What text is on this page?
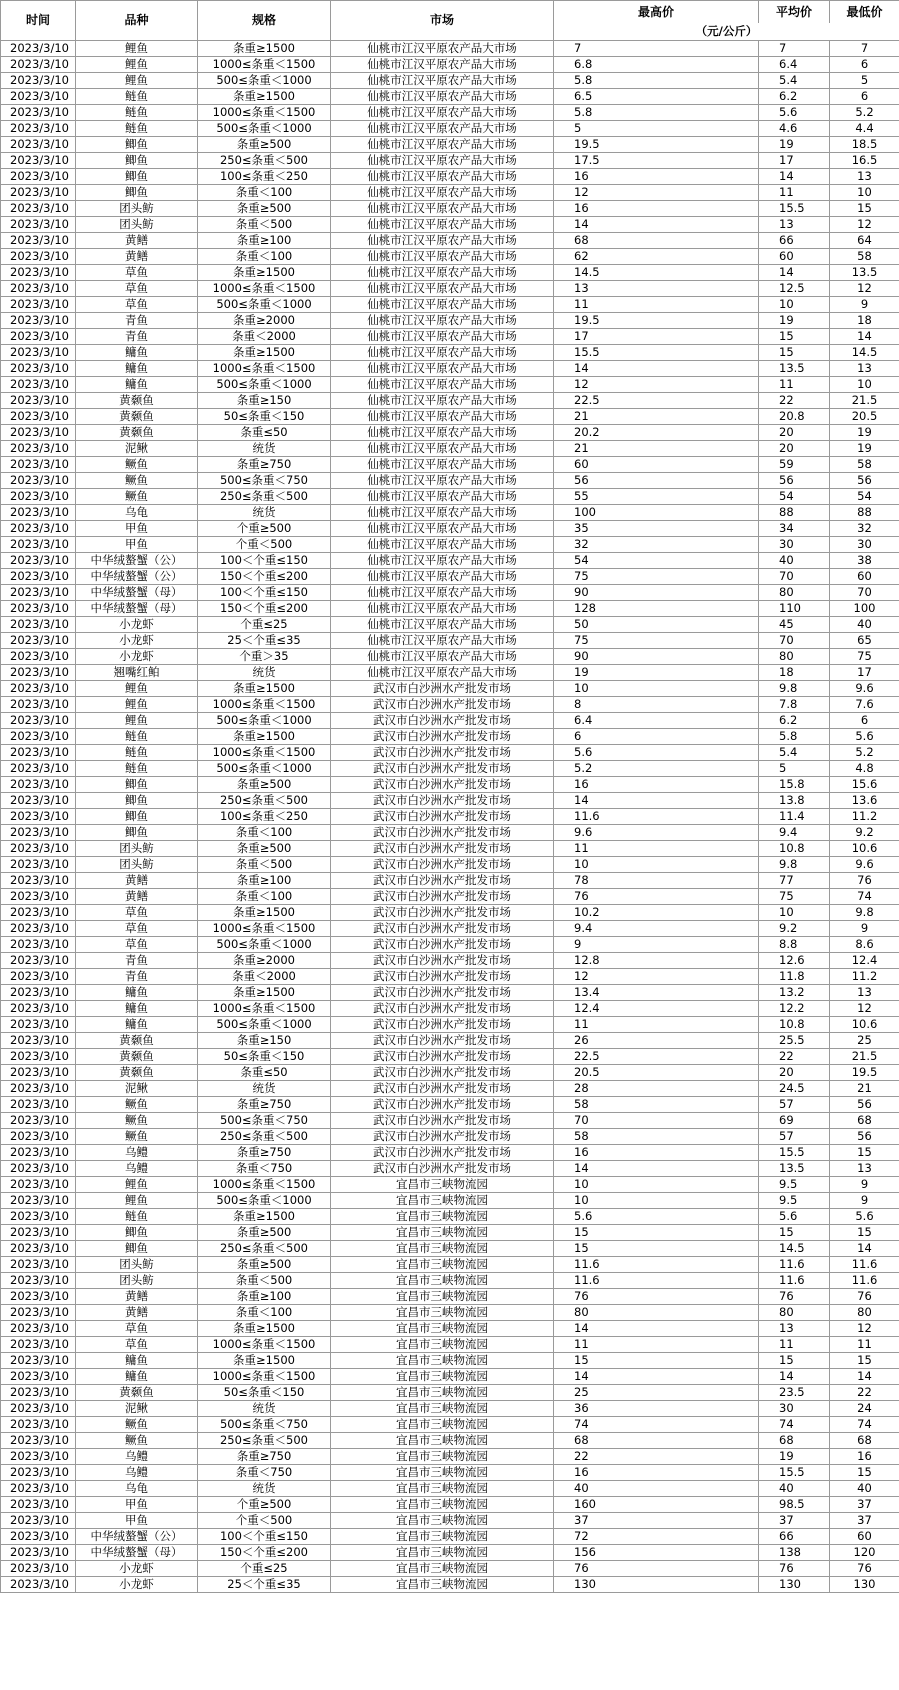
时间	品种	规格	市场	最高价	平均价	最低价
				（元/公斤）		
2023/3/10	鲤鱼	条重≥1500	仙桃市江汉平原农产品大市场	7	7	7
2023/3/10	鲤鱼	1000≤条重＜1500	仙桃市江汉平原农产品大市场	6.8	6.4	6
2023/3/10	鲤鱼	500≤条重＜1000	仙桃市江汉平原农产品大市场	5.8	5.4	5
2023/3/10	鲢鱼	条重≥1500	仙桃市江汉平原农产品大市场	6.5	6.2	6
2023/3/10	鲢鱼	1000≤条重＜1500	仙桃市江汉平原农产品大市场	5.8	5.6	5.2
2023/3/10	鲢鱼	500≤条重＜1000	仙桃市江汉平原农产品大市场	5	4.6	4.4
2023/3/10	鲫鱼	条重≥500	仙桃市江汉平原农产品大市场	19.5	19	18.5
2023/3/10	鲫鱼	250≤条重＜500	仙桃市江汉平原农产品大市场	17.5	17	16.5
2023/3/10	鲫鱼	100≤条重＜250	仙桃市江汉平原农产品大市场	16	14	13
2023/3/10	鲫鱼	条重＜100	仙桃市江汉平原农产品大市场	12	11	10
2023/3/10	团头鲂	条重≥500	仙桃市江汉平原农产品大市场	16	15.5	15
2023/3/10	团头鲂	条重＜500	仙桃市江汉平原农产品大市场	14	13	12
2023/3/10	黄鳝	条重≥100	仙桃市江汉平原农产品大市场	68	66	64
2023/3/10	黄鳝	条重＜100	仙桃市江汉平原农产品大市场	62	60	58
2023/3/10	草鱼	条重≥1500	仙桃市江汉平原农产品大市场	14.5	14	13.5
2023/3/10	草鱼	1000≤条重＜1500	仙桃市江汉平原农产品大市场	13	12.5	12
2023/3/10	草鱼	500≤条重＜1000	仙桃市江汉平原农产品大市场	11	10	9
2023/3/10	青鱼	条重≥2000	仙桃市江汉平原农产品大市场	19.5	19	18
2023/3/10	青鱼	条重＜2000	仙桃市江汉平原农产品大市场	17	15	14
2023/3/10	鳙鱼	条重≥1500	仙桃市江汉平原农产品大市场	15.5	15	14.5
2023/3/10	鳙鱼	1000≤条重＜1500	仙桃市江汉平原农产品大市场	14	13.5	13
2023/3/10	鳙鱼	500≤条重＜1000	仙桃市江汉平原农产品大市场	12	11	10
2023/3/10	黄颡鱼	条重≥150	仙桃市江汉平原农产品大市场	22.5	22	21.5
2023/3/10	黄颡鱼	50≤条重＜150	仙桃市江汉平原农产品大市场	21	20.8	20.5
2023/3/10	黄颡鱼	条重≤50	仙桃市江汉平原农产品大市场	20.2	20	19
2023/3/10	泥鳅	统货	仙桃市江汉平原农产品大市场	21	20	19
2023/3/10	鳜鱼	条重≥750	仙桃市江汉平原农产品大市场	60	59	58
2023/3/10	鳜鱼	500≤条重＜750	仙桃市江汉平原农产品大市场	56	56	56
2023/3/10	鳜鱼	250≤条重＜500	仙桃市江汉平原农产品大市场	55	54	54
2023/3/10	乌龟	统货	仙桃市江汉平原农产品大市场	100	88	88
2023/3/10	甲鱼	个重≥500	仙桃市江汉平原农产品大市场	35	34	32
2023/3/10	甲鱼	个重＜500	仙桃市江汉平原农产品大市场	32	30	30
2023/3/10	中华绒螯蟹（公）	100＜个重≤150	仙桃市江汉平原农产品大市场	54	40	38
2023/3/10	中华绒螯蟹（公）	150＜个重≤200	仙桃市江汉平原农产品大市场	75	70	60
2023/3/10	中华绒螯蟹（母）	100＜个重≤150	仙桃市江汉平原农产品大市场	90	80	70
2023/3/10	中华绒螯蟹（母）	150＜个重≤200	仙桃市江汉平原农产品大市场	128	110	100
2023/3/10	小龙虾	个重≤25	仙桃市江汉平原农产品大市场	50	45	40
2023/3/10	小龙虾	25＜个重≤35	仙桃市江汉平原农产品大市场	75	70	65
2023/3/10	小龙虾	个重＞35	仙桃市江汉平原农产品大市场	90	80	75
2023/3/10	翘嘴红鲌	统货	仙桃市江汉平原农产品大市场	19	18	17
2023/3/10	鲤鱼	条重≥1500	武汉市白沙洲水产批发市场	10	9.8	9.6
2023/3/10	鲤鱼	1000≤条重＜1500	武汉市白沙洲水产批发市场	8	7.8	7.6
2023/3/10	鲤鱼	500≤条重＜1000	武汉市白沙洲水产批发市场	6.4	6.2	6
2023/3/10	鲢鱼	条重≥1500	武汉市白沙洲水产批发市场	6	5.8	5.6
2023/3/10	鲢鱼	1000≤条重＜1500	武汉市白沙洲水产批发市场	5.6	5.4	5.2
2023/3/10	鲢鱼	500≤条重＜1000	武汉市白沙洲水产批发市场	5.2	5	4.8
2023/3/10	鲫鱼	条重≥500	武汉市白沙洲水产批发市场	16	15.8	15.6
2023/3/10	鲫鱼	250≤条重＜500	武汉市白沙洲水产批发市场	14	13.8	13.6
2023/3/10	鲫鱼	100≤条重＜250	武汉市白沙洲水产批发市场	11.6	11.4	11.2
2023/3/10	鲫鱼	条重＜100	武汉市白沙洲水产批发市场	9.6	9.4	9.2
2023/3/10	团头鲂	条重≥500	武汉市白沙洲水产批发市场	11	10.8	10.6
2023/3/10	团头鲂	条重＜500	武汉市白沙洲水产批发市场	10	9.8	9.6
2023/3/10	黄鳝	条重≥100	武汉市白沙洲水产批发市场	78	77	76
2023/3/10	黄鳝	条重＜100	武汉市白沙洲水产批发市场	76	75	74
2023/3/10	草鱼	条重≥1500	武汉市白沙洲水产批发市场	10.2	10	9.8
2023/3/10	草鱼	1000≤条重＜1500	武汉市白沙洲水产批发市场	9.4	9.2	9
2023/3/10	草鱼	500≤条重＜1000	武汉市白沙洲水产批发市场	9	8.8	8.6
2023/3/10	青鱼	条重≥2000	武汉市白沙洲水产批发市场	12.8	12.6	12.4
2023/3/10	青鱼	条重＜2000	武汉市白沙洲水产批发市场	12	11.8	11.2
2023/3/10	鳙鱼	条重≥1500	武汉市白沙洲水产批发市场	13.4	13.2	13
2023/3/10	鳙鱼	1000≤条重＜1500	武汉市白沙洲水产批发市场	12.4	12.2	12
2023/3/10	鳙鱼	500≤条重＜1000	武汉市白沙洲水产批发市场	11	10.8	10.6
2023/3/10	黄颡鱼	条重≥150	武汉市白沙洲水产批发市场	26	25.5	25
2023/3/10	黄颡鱼	50≤条重＜150	武汉市白沙洲水产批发市场	22.5	22	21.5
2023/3/10	黄颡鱼	条重≤50	武汉市白沙洲水产批发市场	20.5	20	19.5
2023/3/10	泥鳅	统货	武汉市白沙洲水产批发市场	28	24.5	21
2023/3/10	鳜鱼	条重≥750	武汉市白沙洲水产批发市场	58	57	56
2023/3/10	鳜鱼	500≤条重＜750	武汉市白沙洲水产批发市场	70	69	68
2023/3/10	鳜鱼	250≤条重＜500	武汉市白沙洲水产批发市场	58	57	56
2023/3/10	乌鳢	条重≥750	武汉市白沙洲水产批发市场	16	15.5	15
2023/3/10	乌鳢	条重＜750	武汉市白沙洲水产批发市场	14	13.5	13
2023/3/10	鲤鱼	1000≤条重＜1500	宜昌市三峡物流园	10	9.5	9
2023/3/10	鲤鱼	500≤条重＜1000	宜昌市三峡物流园	10	9.5	9
2023/3/10	鲢鱼	条重≥1500	宜昌市三峡物流园	5.6	5.6	5.6
2023/3/10	鲫鱼	条重≥500	宜昌市三峡物流园	15	15	15
2023/3/10	鲫鱼	250≤条重＜500	宜昌市三峡物流园	15	14.5	14
2023/3/10	团头鲂	条重≥500	宜昌市三峡物流园	11.6	11.6	11.6
2023/3/10	团头鲂	条重＜500	宜昌市三峡物流园	11.6	11.6	11.6
2023/3/10	黄鳝	条重≥100	宜昌市三峡物流园	76	76	76
2023/3/10	黄鳝	条重＜100	宜昌市三峡物流园	80	80	80
2023/3/10	草鱼	条重≥1500	宜昌市三峡物流园	14	13	12
2023/3/10	草鱼	1000≤条重＜1500	宜昌市三峡物流园	11	11	11
2023/3/10	鳙鱼	条重≥1500	宜昌市三峡物流园	15	15	15
2023/3/10	鳙鱼	1000≤条重＜1500	宜昌市三峡物流园	14	14	14
2023/3/10	黄颡鱼	50≤条重＜150	宜昌市三峡物流园	25	23.5	22
2023/3/10	泥鳅	统货	宜昌市三峡物流园	36	30	24
2023/3/10	鳜鱼	500≤条重＜750	宜昌市三峡物流园	74	74	74
2023/3/10	鳜鱼	250≤条重＜500	宜昌市三峡物流园	68	68	68
2023/3/10	乌鳢	条重≥750	宜昌市三峡物流园	22	19	16
2023/3/10	乌鳢	条重＜750	宜昌市三峡物流园	16	15.5	15
2023/3/10	乌龟	统货	宜昌市三峡物流园	40	40	40
2023/3/10	甲鱼	个重≥500	宜昌市三峡物流园	160	98.5	37
2023/3/10	甲鱼	个重＜500	宜昌市三峡物流园	37	37	37
2023/3/10	中华绒螯蟹（公）	100＜个重≤150	宜昌市三峡物流园	72	66	60
2023/3/10	中华绒螯蟹（母）	150＜个重≤200	宜昌市三峡物流园	156	138	120
2023/3/10	小龙虾	个重≤25	宜昌市三峡物流园	76	76	76
2023/3/10	小龙虾	25＜个重≤35	宜昌市三峡物流园	130	130	130
